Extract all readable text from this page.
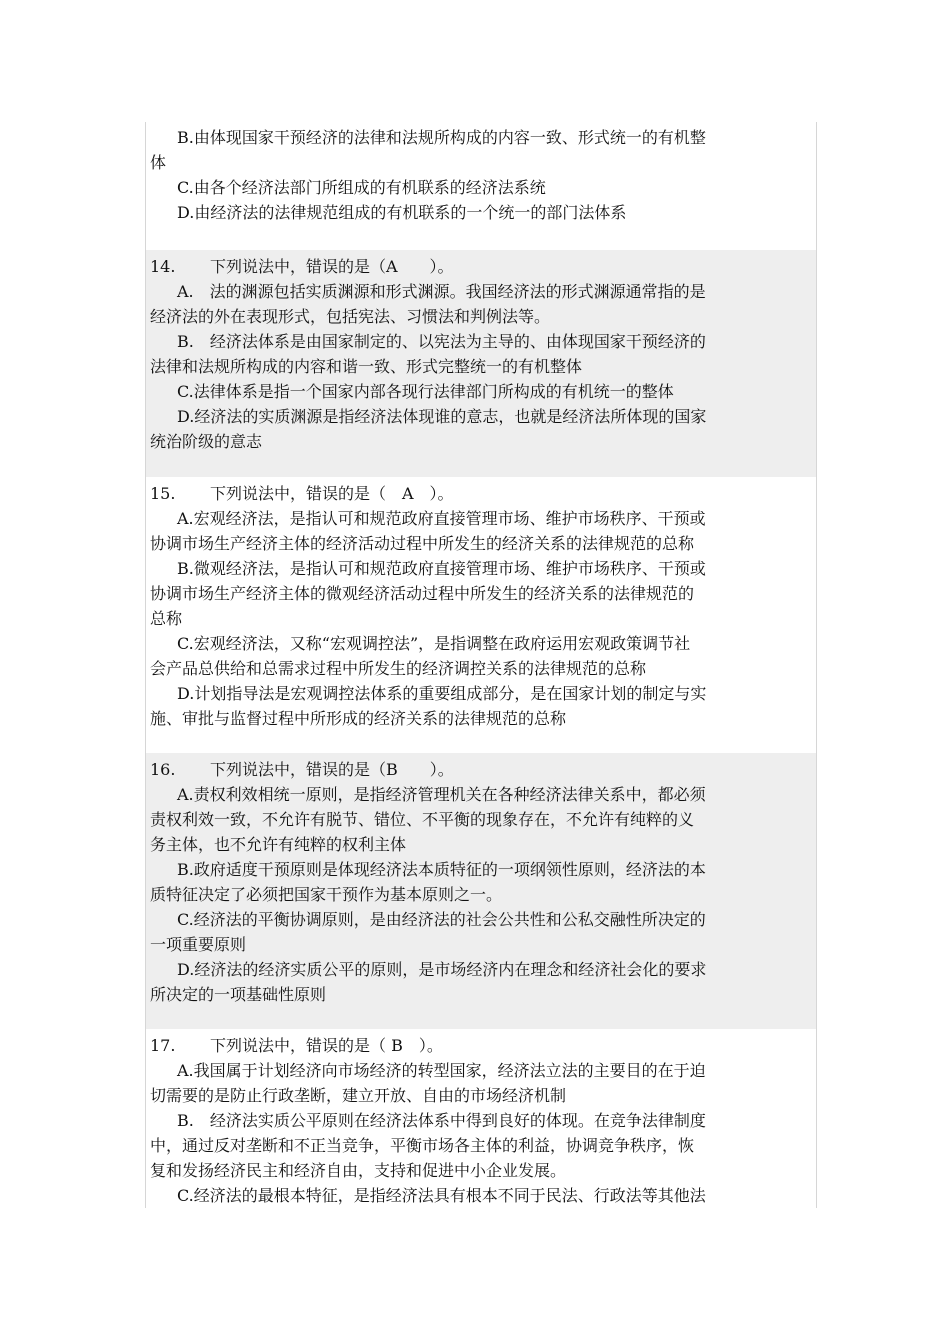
B.由体现国家干预经济的法律和法规所构成的内容一致、形式统一的有机整
体
C.由各个经济法部门所组成的有机联系的经济法系统
D.由经济法的法律规范组成的有机联系的一个统一的部门法体系
14. 下列说法中，错误的是（A　　）。
A.　法的渊源包括实质渊源和形式渊源。我国经济法的形式渊源通常指的是
经济法的外在表现形式，包括宪法、习惯法和判例法等。
B.　经济法体系是由国家制定的、以宪法为主导的、由体现国家干预经济的
法律和法规所构成的内容和谐一致、形式完整统一的有机整体
C.法律体系是指一个国家内部各现行法律部门所构成的有机统一的整体
D.经济法的实质渊源是指经济法体现谁的意志，也就是经济法所体现的国家
统治阶级的意志
15. 下列说法中，错误的是（　A　）。
A.宏观经济法，是指认可和规范政府直接管理市场、维护市场秩序、干预或
协调市场生产经济主体的经济活动过程中所发生的经济关系的法律规范的总称
B.微观经济法，是指认可和规范政府直接管理市场、维护市场秩序、干预或
协调市场生产经济主体的微观经济活动过程中所发生的经济关系的法律规范的
总称
C.宏观经济法，又称“宏观调控法”，是指调整在政府运用宏观政策调节社
会产品总供给和总需求过程中所发生的经济调控关系的法律规范的总称
D.计划指导法是宏观调控法体系的重要组成部分，是在国家计划的制定与实
施、审批与监督过程中所形成的经济关系的法律规范的总称
16. 下列说法中，错误的是（B　　）。
A.责权利效相统一原则，是指经济管理机关在各种经济法律关系中，都必须
责权利效一致，不允许有脱节、错位、不平衡的现象存在，不允许有纯粹的义
务主体，也不允许有纯粹的权利主体
B.政府适度干预原则是体现经济法本质特征的一项纲领性原则，经济法的本
质特征决定了必须把国家干预作为基本原则之一。
C.经济法的平衡协调原则，是由经济法的社会公共性和公私交融性所决定的
一项重要原则
D.经济法的经济实质公平的原则，是市场经济内在理念和经济社会化的要求
所决定的一项基础性原则
17. 下列说法中，错误的是（ B　）。
A.我国属于计划经济向市场经济的转型国家，经济法立法的主要目的在于迫
切需要的是防止行政垄断，建立开放、自由的市场经济机制
B.　经济法实质公平原则在经济法体系中得到良好的体现。在竞争法律制度
中，通过反对垄断和不正当竞争，平衡市场各主体的利益，协调竞争秩序，恢
复和发扬经济民主和经济自由，支持和促进中小企业发展。
C.经济法的最根本特征，是指经济法具有根本不同于民法、行政法等其他法
